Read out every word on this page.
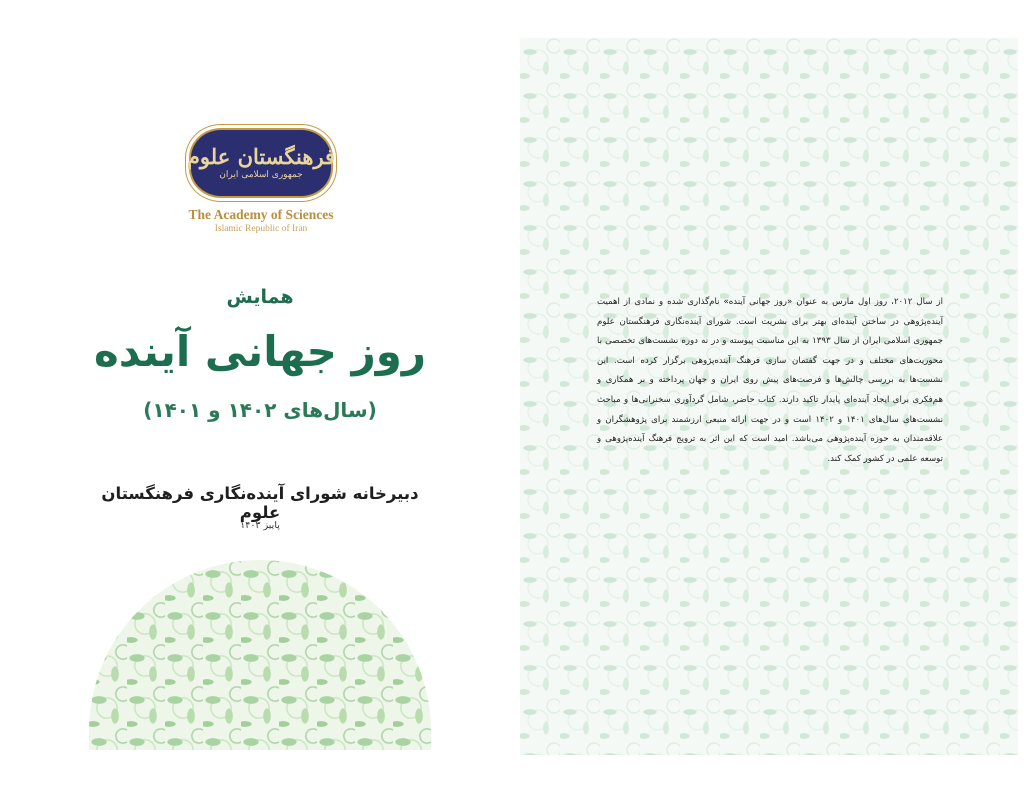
فرهنگستان علوم
جمهوری اسلامی ایران
The Academy of Sciences
Islamic Republic of Iran
همایش
روز جهانی آینده
(سال‌های ۱۴۰۲ و ۱۴۰۱)
دبیرخانه شورای آینده‌نگاری فرهنگستان علوم
پاییز ۱۴۰۳
از سال ۲۰۱۲، روز اول مارس به عنوان «روز جهانی آینده» نام‌گذاری شده و نمادی از اهمیت آینده‌پژوهی در ساختن آینده‌ای بهتر برای بشریت است. شورای آینده‌نگاری فرهنگستان علوم جمهوری اسلامی ایران از سال ۱۳۹۳ به این مناسبت پیوسته و در نه دوره نشست‌های تخصصی با محوریت‌های مختلف و در جهت گفتمان سازی فرهنگ آینده‌پژوهی برگزار کرده است. این نشست‌ها به بررسی چالش‌ها و فرصت‌های پیش روی ایران و جهان پرداخته و بر همکاری و هم‌فکری برای ایجاد آینده‌ای پایدار تاکید دارند. کتاب حاضر، شامل گردآوری سخنرانی‌ها و مباحث نشست‌های سال‌های ۱۴۰۱ و ۱۴۰۲ است و در جهت ارائه منبعی ارزشمند برای پژوهشگران و علاقه‌مندان به حوزه آینده‌پژوهی می‌باشد. امید است که این اثر به ترویج فرهنگ آینده‌پژوهی و توسعه علمی در کشور کمک کند.
